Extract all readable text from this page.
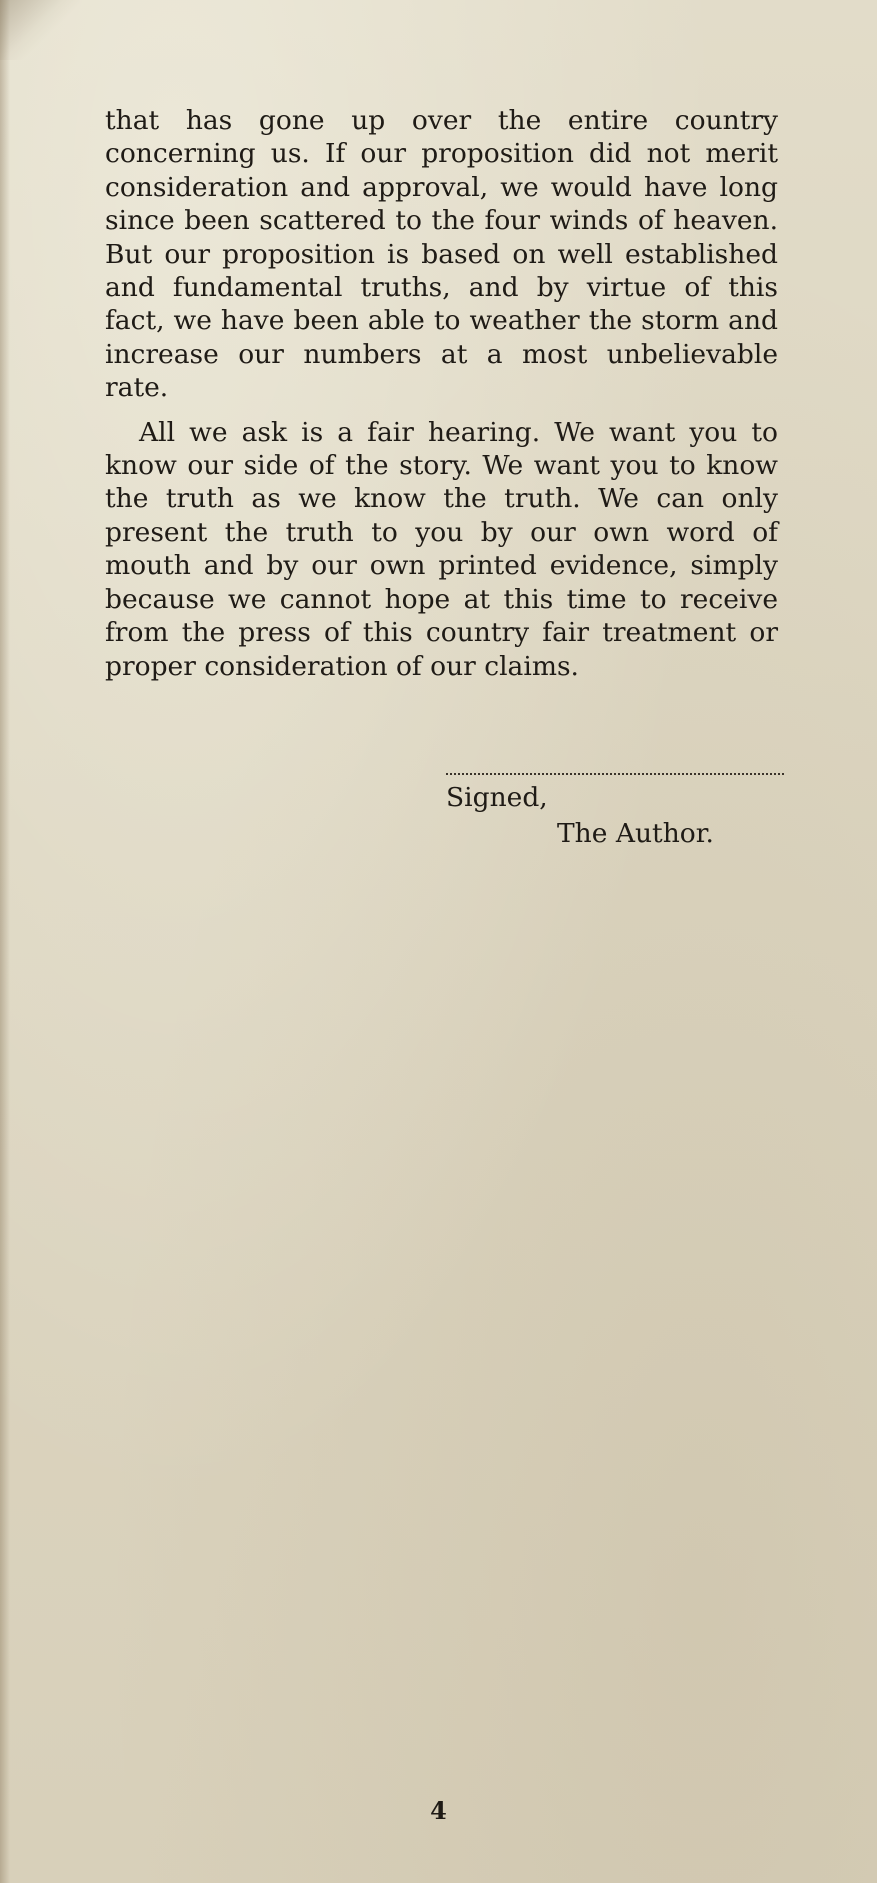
that has gone up over the entire country concerning us. If our proposition did not merit consideration and approval, we would have long since been scattered to the four winds of heaven. But our proposition is based on well established and fundamental truths, and by virtue of this fact, we have been able to weather the storm and increase our numbers at a most unbelievable rate.

All we ask is a fair hearing. We want you to know our side of the story. We want you to know the truth as we know the truth. We can only present the truth to you by our own word of mouth and by our own printed evidence, simply because we cannot hope at this time to receive from the press of this country fair treatment or proper consideration of our claims.

Signed,
The Author.
4
